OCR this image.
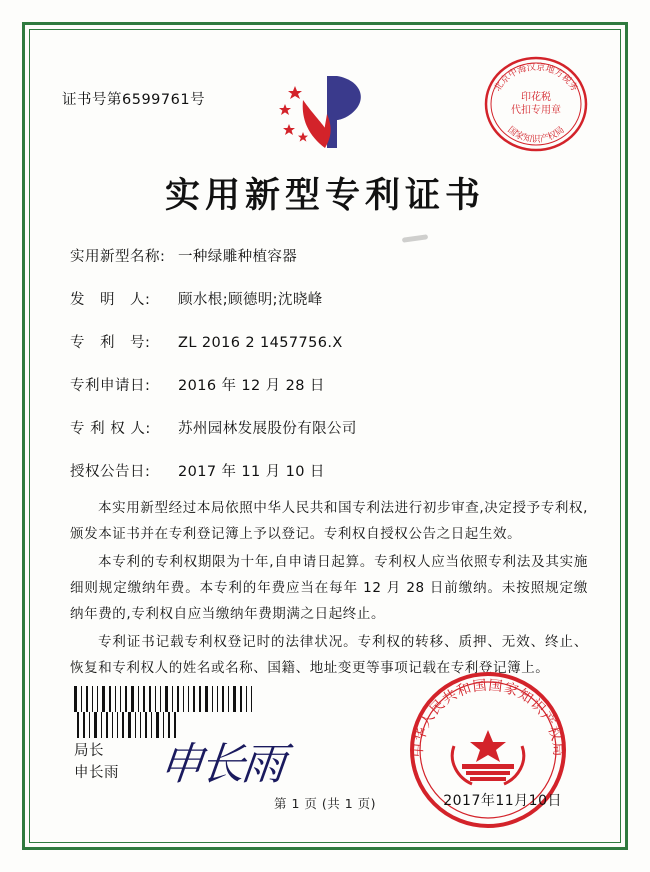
证书号第6599761号
北京中海汉京地方税务
国家知识产权局
印花税
代扣专用章
实用新型专利证书
实用新型名称: 一种绿雕种植容器
发　明　人:	顾水根;顾德明;沈晓峰
专　利　号:	ZL 2016 2 1457756.X
专利申请日:	2016 年 12 月 28 日
专 利 权 人:	苏州园林发展股份有限公司
授权公告日:	2017 年 11 月 10 日

本实用新型经过本局依照中华人民共和国专利法进行初步审查,决定授予专利权,颁发本证书并在专利登记簿上予以登记。专利权自授权公告之日起生效。

本专利的专利权期限为十年,自申请日起算。专利权人应当依照专利法及其实施细则规定缴纳年费。本专利的年费应当在每年 12 月 28 日前缴纳。未按照规定缴纳年费的,专利权自应当缴纳年费期满之日起终止。

专利证书记载专利权登记时的法律状况。专利权的转移、质押、无效、终止、恢复和专利权人的姓名或名称、国籍、地址变更等事项记载在专利登记簿上。

局长
申长雨 申长雨	中华人民共和国国家知识产权局
2017年11月10日
第 1 页 (共 1 页)
